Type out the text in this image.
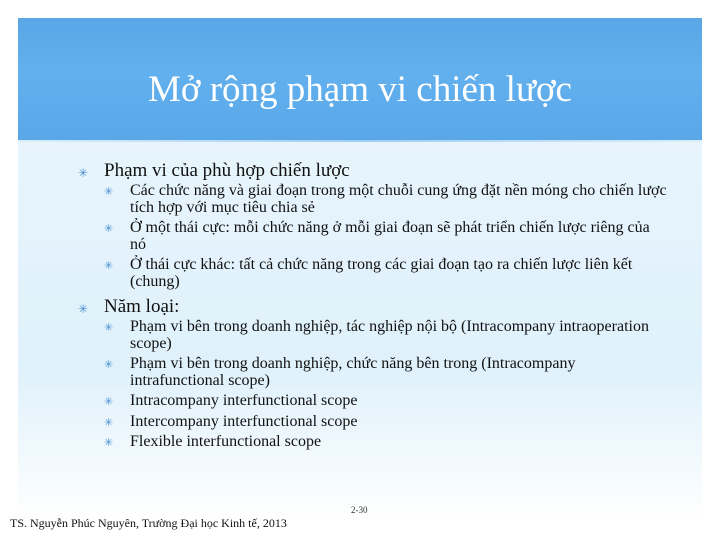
Mở rộng phạm vi chiến lược
✳ Phạm vi của phù hợp chiến lược
✳ Các chức năng và giai đoạn trong một chuỗi cung ứng đặt nền móng cho chiến lược tích hợp với mục tiêu chia sẻ
✳ Ở một thái cực: mỗi chức năng ở mỗi giai đoạn sẽ phát triển chiến lược riêng của nó
✳ Ở thái cực khác: tất cả chức năng trong các giai đoạn tạo ra chiến lược liên kết (chung)
✳ Năm loại:
✳ Phạm vi bên trong doanh nghiệp, tác nghiệp nội bộ (Intracompany intraoperation scope)
✳ Phạm vi bên trong doanh nghiệp, chức năng bên trong (Intracompany intrafunctional scope)
✳ Intracompany interfunctional scope
✳ Intercompany interfunctional scope
✳ Flexible interfunctional scope
2-30
TS. Nguyễn Phúc Nguyên, Trường Đại học Kinh tế, 2013
